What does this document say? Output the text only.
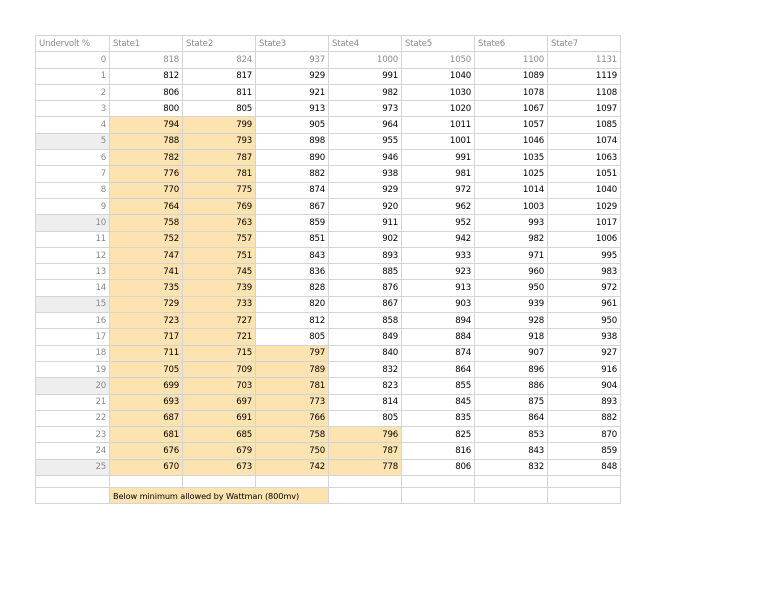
Undervolt %	State1	State2	State3	State4	State5	State6	State7
0	818	824	937	1000	1050	1100	1131
1	812	817	929	991	1040	1089	1119
2	806	811	921	982	1030	1078	1108
3	800	805	913	973	1020	1067	1097
4	794	799	905	964	1011	1057	1085
5	788	793	898	955	1001	1046	1074
6	782	787	890	946	991	1035	1063
7	776	781	882	938	981	1025	1051
8	770	775	874	929	972	1014	1040
9	764	769	867	920	962	1003	1029
10	758	763	859	911	952	993	1017
11	752	757	851	902	942	982	1006
12	747	751	843	893	933	971	995
13	741	745	836	885	923	960	983
14	735	739	828	876	913	950	972
15	729	733	820	867	903	939	961
16	723	727	812	858	894	928	950
17	717	721	805	849	884	918	938
18	711	715	797	840	874	907	927
19	705	709	789	832	864	896	916
20	699	703	781	823	855	886	904
21	693	697	773	814	845	875	893
22	687	691	766	805	835	864	882
23	681	685	758	796	825	853	870
24	676	679	750	787	816	843	859
25	670	673	742	778	806	832	848

	Below minimum allowed by Wattman (800mv)						
